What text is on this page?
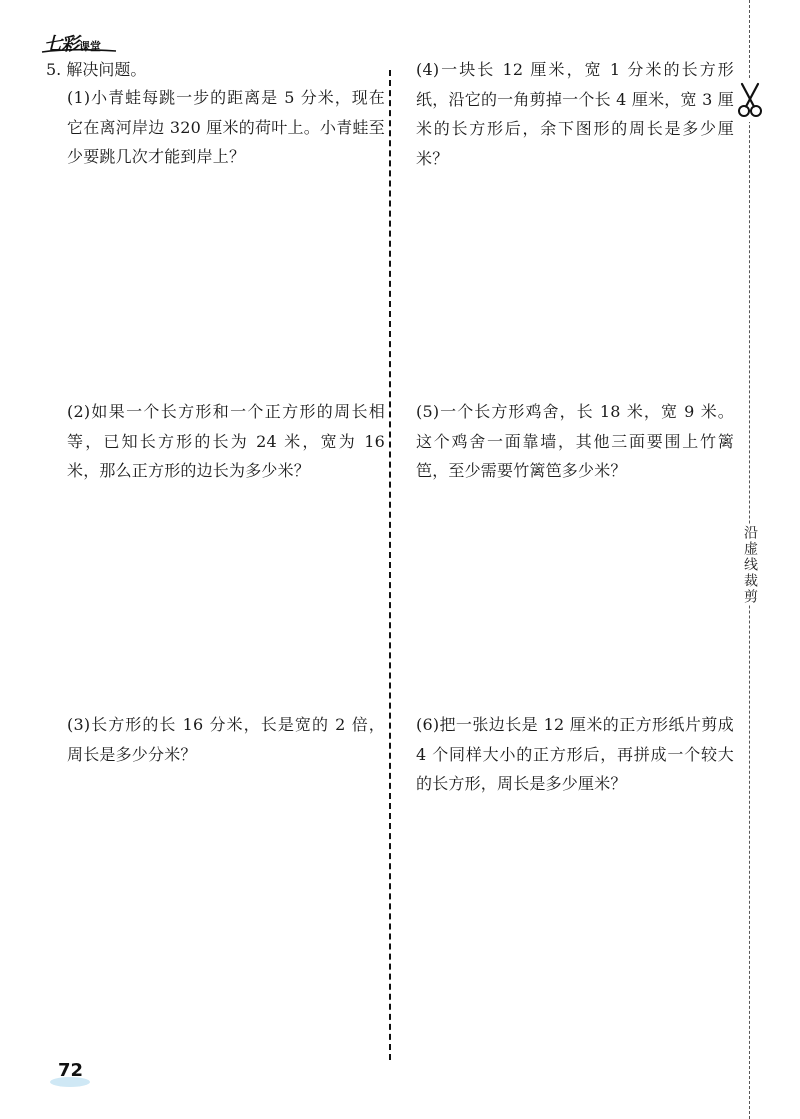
七彩 课堂
5. 解决问题。
(1)小青蛙每跳一步的距离是 5 分米，现在它在离河岸边 320 厘米的荷叶上。小青蛙至少要跳几次才能到岸上？
(2)如果一个长方形和一个正方形的周长相等，已知长方形的长为 24 米，宽为 16 米，那么正方形的边长为多少米？
(3)长方形的长 16 分米，长是宽的 2 倍，周长是多少分米？
(4)一块长 12 厘米，宽 1 分米的长方形纸，沿它的一角剪掉一个长 4 厘米，宽 3 厘米的长方形后，余下图形的周长是多少厘米？
(5)一个长方形鸡舍，长 18 米，宽 9 米。这个鸡舍一面靠墙，其他三面要围上竹篱笆，至少需要竹篱笆多少米？
(6)把一张边长是 12 厘米的正方形纸片剪成 4 个同样大小的正方形后，再拼成一个较大的长方形，周长是多少厘米？
沿虚线裁剪
72
